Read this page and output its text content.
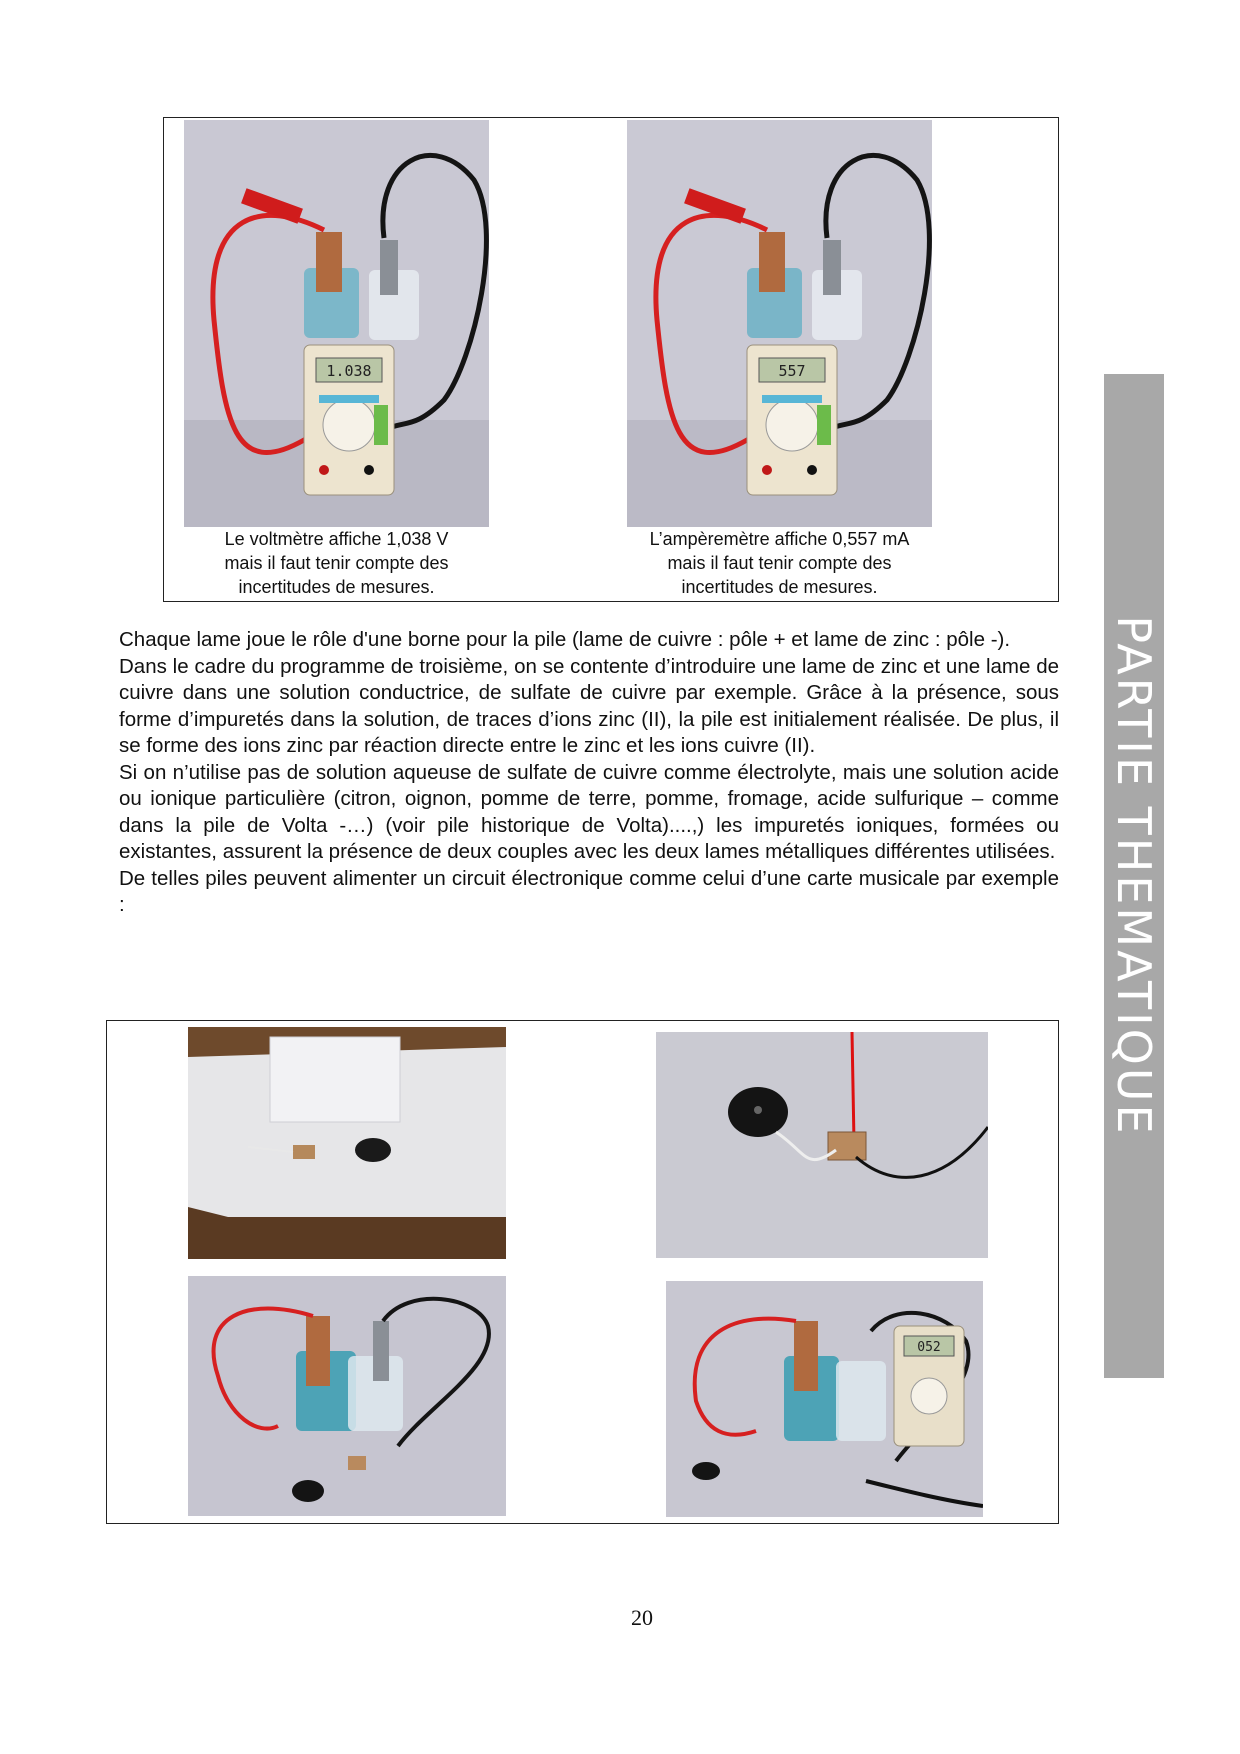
1.038	557
Le voltmètre affiche 1,038 V
mais il faut tenir compte des
incertitudes de mesures.
L’ampèremètre affiche 0,557 mA
mais il faut tenir compte des
incertitudes de mesures.

Chaque lame joue le rôle d'une borne pour la pile (lame de cuivre : pôle + et lame de zinc : pôle -).

Dans le cadre du programme de troisième, on se contente d’introduire une lame de zinc et une lame de cuivre dans une solution conductrice, de sulfate de cuivre par exemple. Grâce à la présence, sous forme d’impuretés dans la solution, de traces d’ions zinc (II), la pile est initialement réalisée. De plus, il se forme des ions zinc par réaction directe entre le zinc et les ions cuivre (II).

Si on n’utilise pas de solution aqueuse de sulfate de cuivre comme électrolyte, mais une solution acide ou ionique particulière (citron, oignon, pomme de terre, pomme, fromage, acide sulfurique – comme dans la pile de Volta -…) (voir pile historique de Volta)....,) les impuretés ioniques, formées ou existantes, assurent la présence de deux couples avec les deux lames métalliques différentes utilisées.

De telles piles peuvent alimenter un circuit électronique comme celui d’une carte musicale par exemple :

052
PARTIE THEMATIQUE
20
